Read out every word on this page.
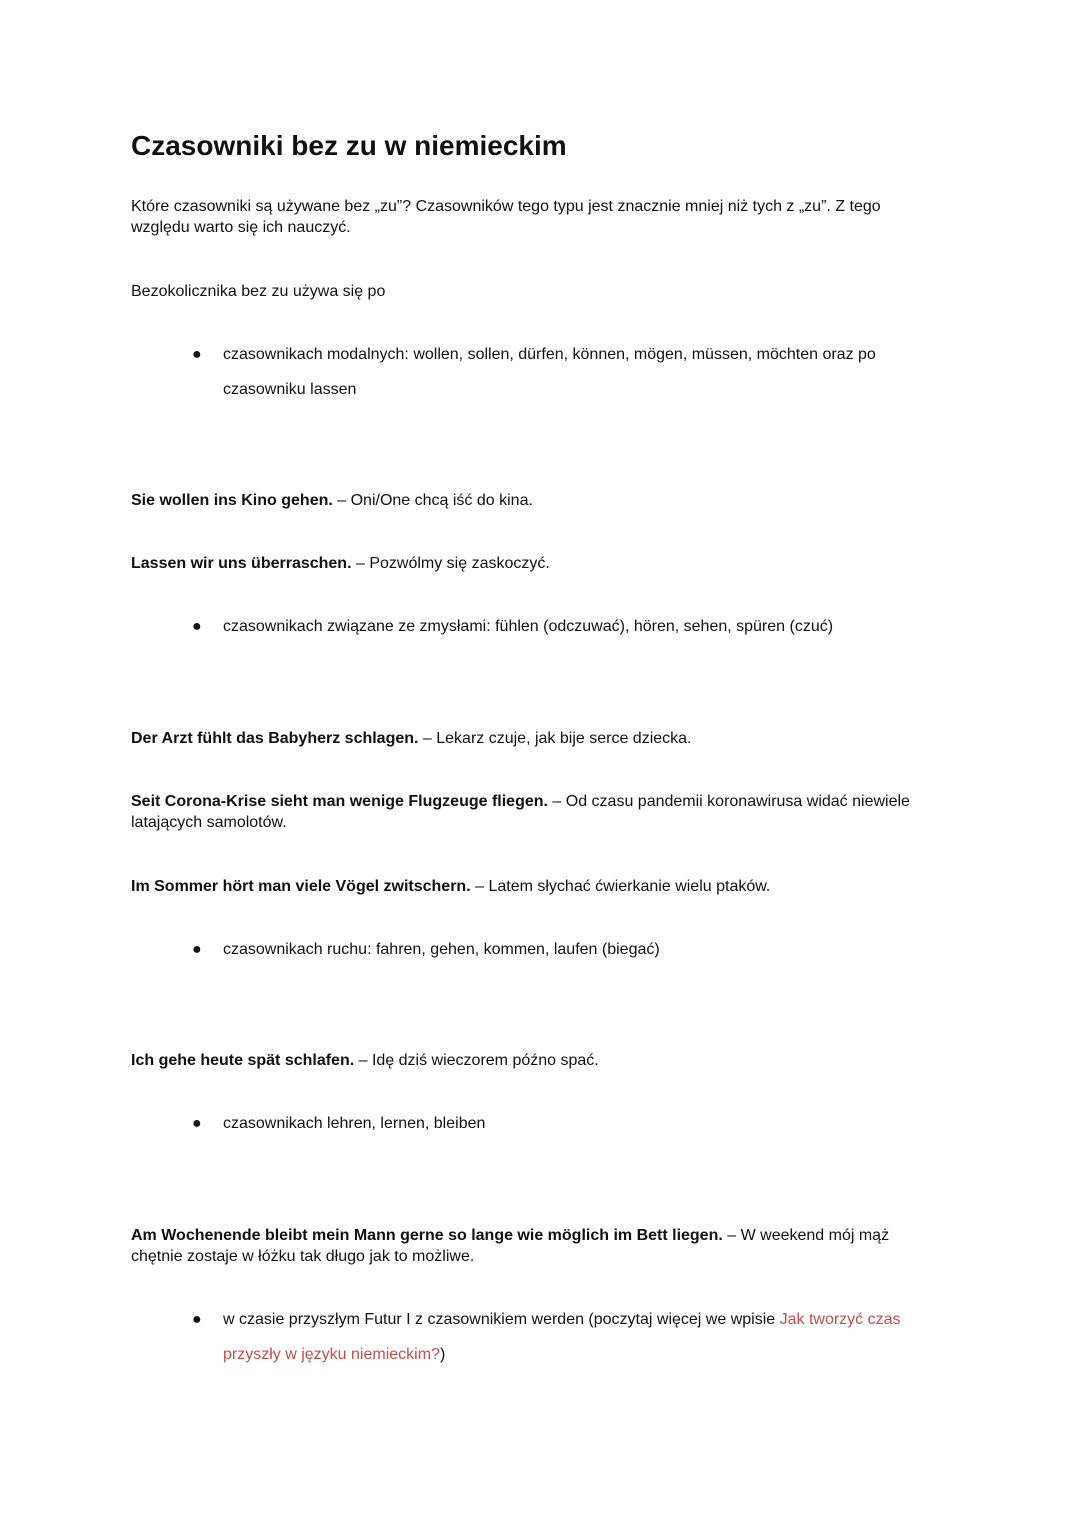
Czasowniki bez zu w niemieckim

Które czasowniki są używane bez „zu”? Czasowników tego typu jest znacznie mniej niż tych z „zu”. Z tego względu warto się ich nauczyć.

Bezokolicznika bez zu używa się po

● czasownikach modalnych: wollen, sollen, dürfen, können, mögen, müssen, möchten oraz po czasowniku lassen

Sie wollen ins Kino gehen. – Oni/One chcą iść do kina.

Lassen wir uns überraschen. – Pozwólmy się zaskoczyć.

● czasownikach związane ze zmysłami: fühlen (odczuwać), hören, sehen, spüren (czuć)

Der Arzt fühlt das Babyherz schlagen. – Lekarz czuje, jak bije serce dziecka.

Seit Corona-Krise sieht man wenige Flugzeuge fliegen. – Od czasu pandemii koronawirusa widać niewiele latających samolotów.

Im Sommer hört man viele Vögel zwitschern. – Latem słychać ćwierkanie wielu ptaków.

● czasownikach ruchu: fahren, gehen, kommen, laufen (biegać)

Ich gehe heute spät schlafen. – Idę dziś wieczorem późno spać.

● czasownikach lehren, lernen, bleiben

Am Wochenende bleibt mein Mann gerne so lange wie möglich im Bett liegen. – W weekend mój mąż chętnie zostaje w łóżku tak długo jak to możliwe.

● w czasie przyszłym Futur I z czasownikiem werden (poczytaj więcej we wpisie Jak tworzyć czas przyszły w języku niemieckim?)
